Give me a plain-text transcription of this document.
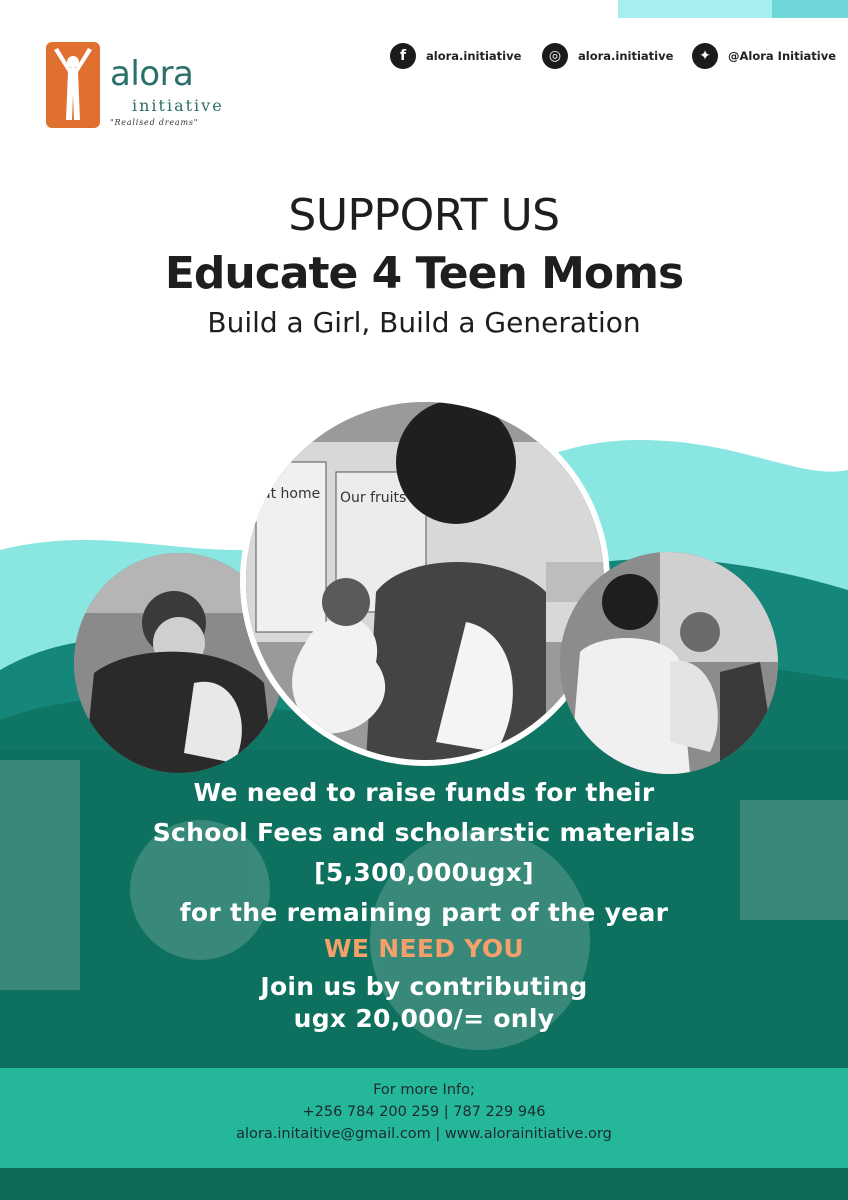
alora
initiative
"Realised dreams"
f	alora.initiative	◎	alora.initiative	✦	@Alora Initiative
SUPPORT US
Educate 4 Teen Moms
Build a Girl, Build a Generation
at home Our fruits
We need to raise funds for their
School Fees and scholarstic materials
[5,300,000ugx]
for the remaining part of the year
WE NEED YOU
Join us by contributing
ugx 20,000/= only
For more Info;
+256 784 200 259 | 787 229 946
alora.initaitive@gmail.com | www.alorainitiative.org
